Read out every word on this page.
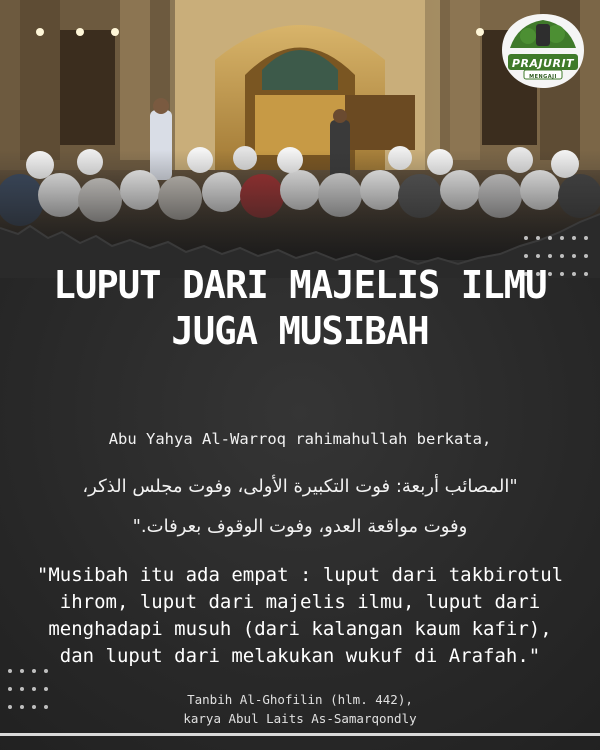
PRAJURIT
MENGAJI
LUPUT DARI MAJELIS ILMU
JUGA MUSIBAH
Abu Yahya Al-Warroq rahimahullah berkata,
"المصائب أربعة: فوت التكبيرة الأولى، وفوت مجلس الذكر،
وفوت مواقعة العدو، وفوت الوقوف بعرفات."
"Musibah itu ada empat : luput dari takbirotul
ihrom, luput dari majelis ilmu, luput dari
menghadapi musuh (dari kalangan kaum kafir),
dan luput dari melakukan wukuf di Arafah."
Tanbih Al-Ghofilin (hlm. 442),
karya Abul Laits As-Samarqondly
